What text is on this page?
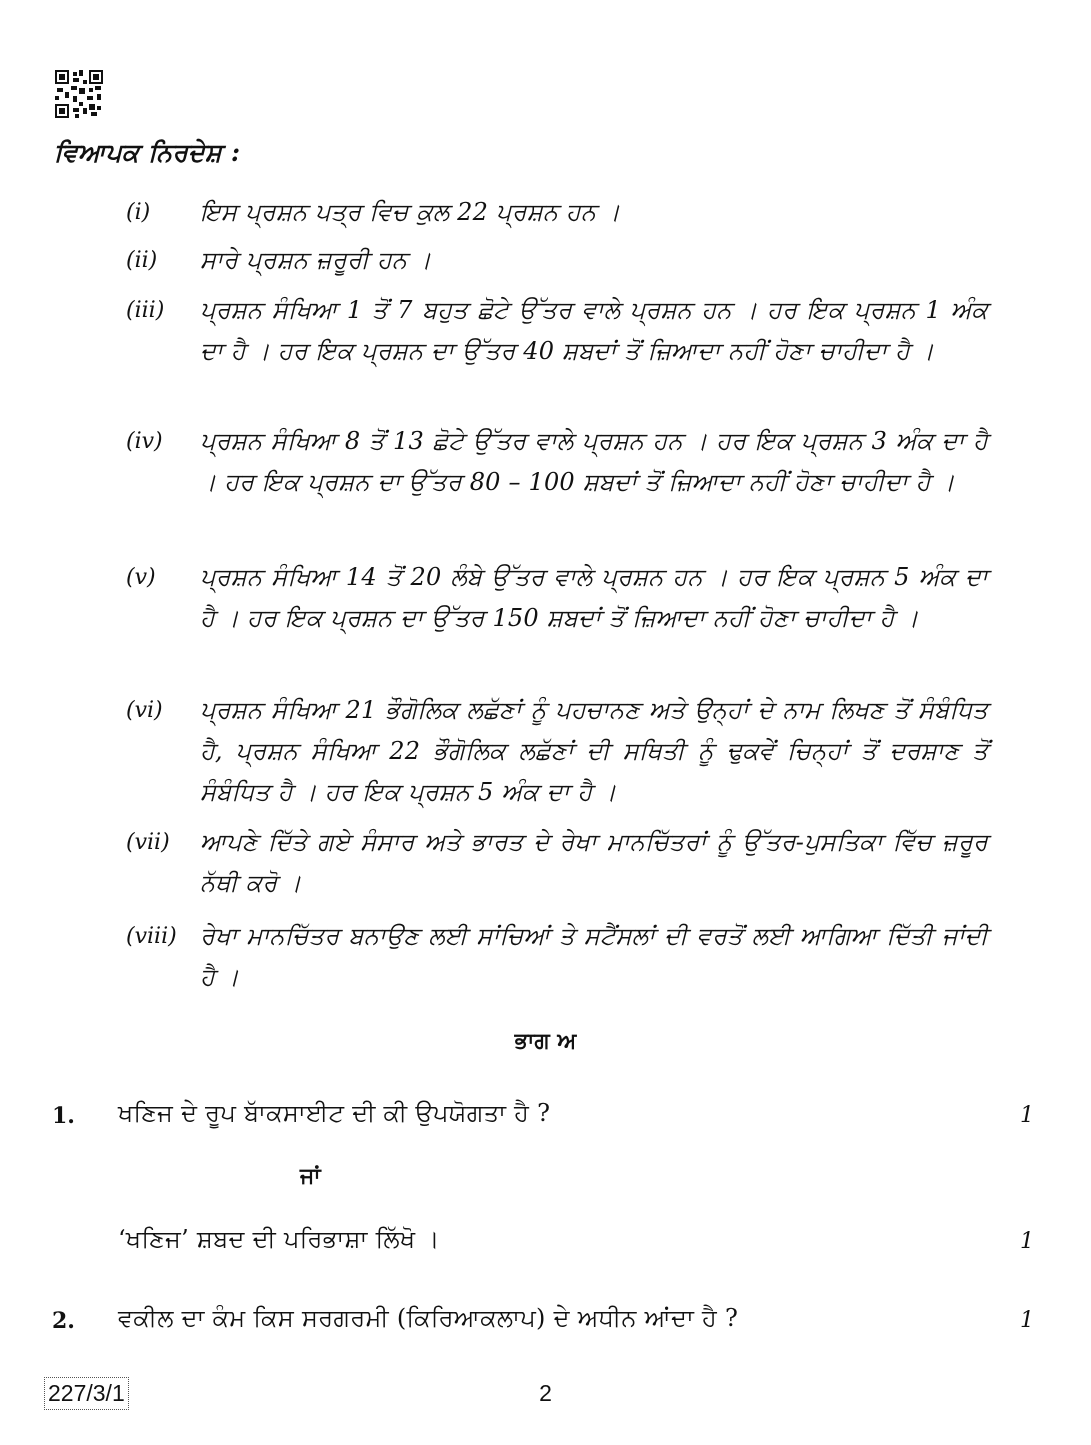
ਵਿਆਪਕ ਨਿਰਦੇਸ਼ :
(i)	ਇਸ ਪ੍ਰਸ਼ਨ ਪਤ੍ਰ ਵਿਚ ਕੁਲ 22 ਪ੍ਰਸ਼ਨ ਹਨ ।
(ii)	ਸਾਰੇ ਪ੍ਰਸ਼ਨ ਜ਼ਰੂਰੀ ਹਨ ।
(iii)	ਪ੍ਰਸ਼ਨ ਸੰਖਿਆ 1 ਤੋਂ 7 ਬਹੁਤ ਛੋਟੇ ਉੱਤਰ ਵਾਲੇ ਪ੍ਰਸ਼ਨ ਹਨ । ਹਰ ਇਕ ਪ੍ਰਸ਼ਨ 1 ਅੰਕ ਦਾ ਹੈ । ਹਰ ਇਕ ਪ੍ਰਸ਼ਨ ਦਾ ਉੱਤਰ 40 ਸ਼ਬਦਾਂ ਤੋਂ ਜ਼ਿਆਦਾ ਨਹੀਂ ਹੋਣਾ ਚਾਹੀਦਾ ਹੈ ।
(iv)	ਪ੍ਰਸ਼ਨ ਸੰਖਿਆ 8 ਤੋਂ 13 ਛੋਟੇ ਉੱਤਰ ਵਾਲੇ ਪ੍ਰਸ਼ਨ ਹਨ । ਹਰ ਇਕ ਪ੍ਰਸ਼ਨ 3 ਅੰਕ ਦਾ ਹੈ । ਹਰ ਇਕ ਪ੍ਰਸ਼ਨ ਦਾ ਉੱਤਰ 80 – 100 ਸ਼ਬਦਾਂ ਤੋਂ ਜ਼ਿਆਦਾ ਨਹੀਂ ਹੋਣਾ ਚਾਹੀਦਾ ਹੈ ।
(v)	ਪ੍ਰਸ਼ਨ ਸੰਖਿਆ 14 ਤੋਂ 20 ਲੰਬੇ ਉੱਤਰ ਵਾਲੇ ਪ੍ਰਸ਼ਨ ਹਨ । ਹਰ ਇਕ ਪ੍ਰਸ਼ਨ 5 ਅੰਕ ਦਾ ਹੈ । ਹਰ ਇਕ ਪ੍ਰਸ਼ਨ ਦਾ ਉੱਤਰ 150 ਸ਼ਬਦਾਂ ਤੋਂ ਜ਼ਿਆਦਾ ਨਹੀਂ ਹੋਣਾ ਚਾਹੀਦਾ ਹੈ ।
(vi)	ਪ੍ਰਸ਼ਨ ਸੰਖਿਆ 21 ਭੌਗੋਲਿਕ ਲਛੱਣਾਂ ਨੂੰ ਪਹਚਾਨਣ ਅਤੇ ਉਨ੍ਹਾਂ ਦੇ ਨਾਮ ਲਿਖਣ ਤੋਂ ਸੰਬੰਧਿਤ ਹੈ, ਪ੍ਰਸ਼ਨ ਸੰਖਿਆ 22 ਭੌਗੋਲਿਕ ਲਛੱਣਾਂ ਦੀ ਸਥਿਤੀ ਨੂੰ ਢੁਕਵੇਂ ਚਿਨ੍ਹਾਂ ਤੋਂ ਦਰਸ਼ਾਣ ਤੋਂ ਸੰਬੰਧਿਤ ਹੈ । ਹਰ ਇਕ ਪ੍ਰਸ਼ਨ 5 ਅੰਕ ਦਾ ਹੈ ।
(vii)	ਆਪਣੇ ਦਿੱਤੇ ਗਏ ਸੰਸਾਰ ਅਤੇ ਭਾਰਤ ਦੇ ਰੇਖਾ ਮਾਨਚਿੱਤਰਾਂ ਨੂੰ ਉੱਤਰ-ਪੁਸਤਿਕਾ ਵਿੱਚ ਜ਼ਰੂਰ ਨੱਥੀ ਕਰੋ ।
(viii) ਰੇਖਾ ਮਾਨਚਿੱਤਰ ਬਨਾਉਣ ਲਈ ਸਾਂਚਿਆਂ ਤੇ ਸਟੈਂਸਲਾਂ ਦੀ ਵਰਤੋਂ ਲਈ ਆਗਿਆ ਦਿੱਤੀ ਜਾਂਦੀ ਹੈ ।
ਭਾਗ ਅ
1. ਖਣਿਜ ਦੇ ਰੂਪ ਬਾੱਕਸਾਈਟ ਦੀ ਕੀ ਉਪਯੋਗਤਾ ਹੈ ?	1
ਜਾਂ
‘ਖਣਿਜ’ ਸ਼ਬਦ ਦੀ ਪਰਿਭਾਸ਼ਾ ਲਿੱਖੋ ।	1
2. ਵਕੀਲ ਦਾ ਕੰਮ ਕਿਸ ਸਰਗਰਮੀ (ਕਿਰਿਆਕਲਾਪ) ਦੇ ਅਧੀਨ ਆਂਦਾ ਹੈ ?	1
227/3/1	2
